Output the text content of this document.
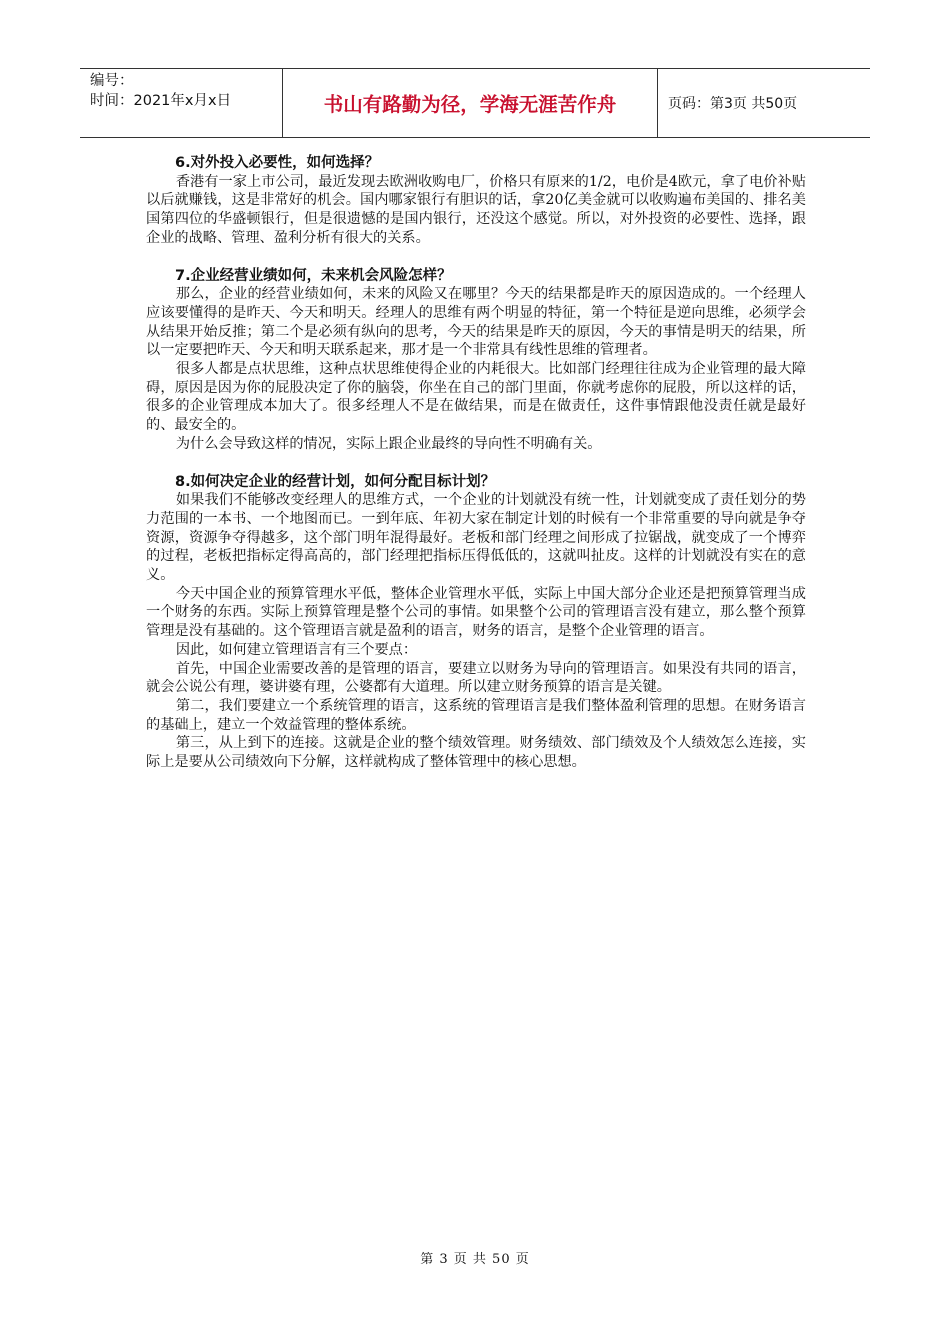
编号：
时间：2021年x月x日	书山有路勤为径，学海无涯苦作舟	页码：第3页 共50页
6.对外投入必要性，如何选择？

香港有一家上市公司，最近发现去欧洲收购电厂，价格只有原来的1/2，电价是4欧元，拿了电价补贴以后就赚钱，这是非常好的机会。国内哪家银行有胆识的话，拿20亿美金就可以收购遍布美国的、排名美国第四位的华盛顿银行，但是很遗憾的是国内银行，还没这个感觉。所以，对外投资的必要性、选择，跟企业的战略、管理、盈利分析有很大的关系。

7.企业经营业绩如何，未来机会风险怎样？

那么，企业的经营业绩如何，未来的风险又在哪里？今天的结果都是昨天的原因造成的。一个经理人应该要懂得的是昨天、今天和明天。经理人的思维有两个明显的特征，第一个特征是逆向思维，必须学会从结果开始反推；第二个是必须有纵向的思考，今天的结果是昨天的原因，今天的事情是明天的结果，所以一定要把昨天、今天和明天联系起来，那才是一个非常具有线性思维的管理者。

很多人都是点状思维，这种点状思维使得企业的内耗很大。比如部门经理往往成为企业管理的最大障碍，原因是因为你的屁股决定了你的脑袋，你坐在自己的部门里面，你就考虑你的屁股，所以这样的话，很多的企业管理成本加大了。很多经理人不是在做结果，而是在做责任，这件事情跟他没责任就是最好的、最安全的。

为什么会导致这样的情况，实际上跟企业最终的导向性不明确有关。

8.如何决定企业的经营计划，如何分配目标计划？

如果我们不能够改变经理人的思维方式，一个企业的计划就没有统一性，计划就变成了责任划分的势力范围的一本书、一个地图而已。一到年底、年初大家在制定计划的时候有一个非常重要的导向就是争夺资源，资源争夺得越多，这个部门明年混得最好。老板和部门经理之间形成了拉锯战，就变成了一个博弈的过程，老板把指标定得高高的，部门经理把指标压得低低的，这就叫扯皮。这样的计划就没有实在的意义。

今天中国企业的预算管理水平低，整体企业管理水平低，实际上中国大部分企业还是把预算管理当成一个财务的东西。实际上预算管理是整个公司的事情。如果整个公司的管理语言没有建立，那么整个预算管理是没有基础的。这个管理语言就是盈利的语言，财务的语言，是整个企业管理的语言。

因此，如何建立管理语言有三个要点：

首先，中国企业需要改善的是管理的语言，要建立以财务为导向的管理语言。如果没有共同的语言，就会公说公有理，婆讲婆有理，公婆都有大道理。所以建立财务预算的语言是关键。

第二，我们要建立一个系统管理的语言，这系统的管理语言是我们整体盈利管理的思想。在财务语言的基础上，建立一个效益管理的整体系统。

第三，从上到下的连接。这就是企业的整个绩效管理。财务绩效、部门绩效及个人绩效怎么连接，实际上是要从公司绩效向下分解，这样就构成了整体管理中的核心思想。

第 3 页 共 50 页
